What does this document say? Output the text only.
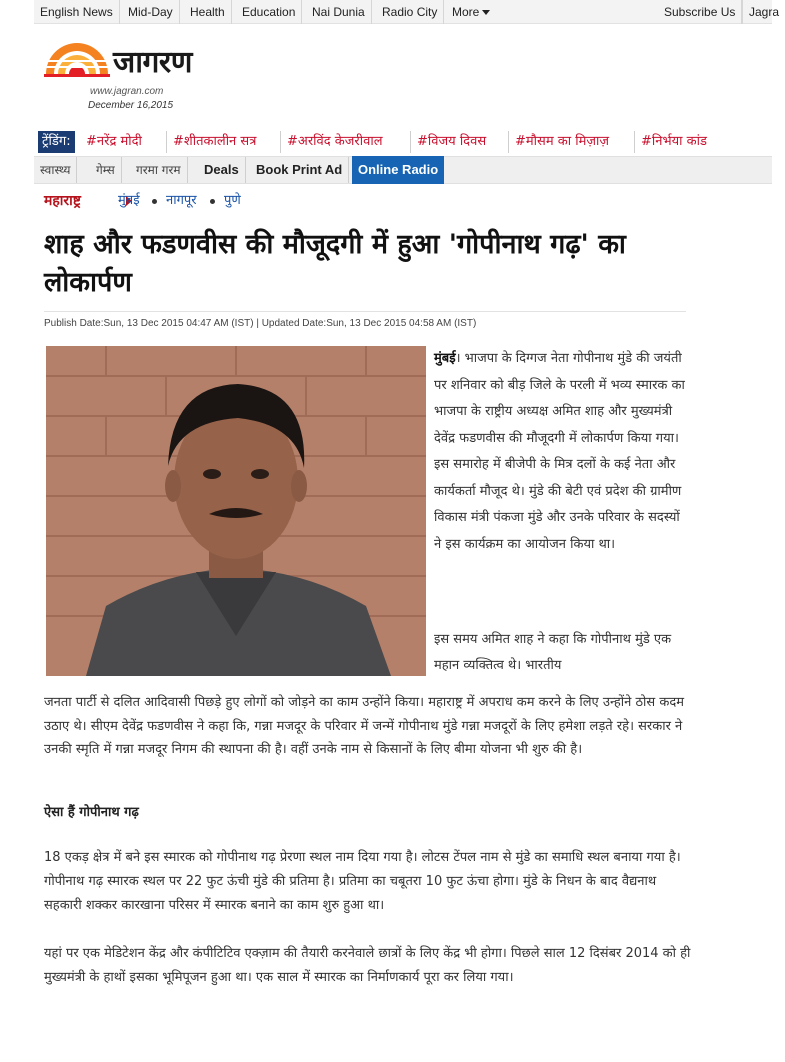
English News	Mid-Day	Health	Education	Nai Dunia	Radio City	More	Subscribe Us	Jagra
जागरण
www.jagran.com
December 16,2015
ट्रेंडिंग:	#नरेंद्र मोदी	#शीतकालीन सत्र	#अरविंद केजरीवाल	#विजय दिवस	#मौसम का मिज़ाज़	#निर्भया कांड
स्वास्थ्य	गेम्स	गरमा गरम	Deals	Book Print Ad	Online Radio
महाराष्ट्र	मुंबई नागपूर पुणे
शाह और फडणवीस की मौजूदगी में हुआ 'गोपीनाथ गढ़' का लोकार्पण
Publish Date:Sun, 13 Dec 2015 04:47 AM (IST) | Updated Date:Sun, 13 Dec 2015 04:58 AM (IST)

मुंबई। भाजपा के दिग्गज नेता गोपीनाथ मुंडे की जयंती पर शनिवार को बीड़ जिले के परली में भव्य स्मारक का भाजपा के राष्ट्रीय अध्यक्ष अमित शाह और मुख्यमंत्री देवेंद्र फडणवीस की मौजूदगी में लोकार्पण किया गया। इस समारोह में बीजेपी के मित्र दलों के कई नेता और कार्यकर्ता मौजूद थे। मुंडे की बेटी एवं प्रदेश की ग्रामीण विकास मंत्री पंकजा मुंडे और उनके परिवार के सदस्यों ने इस कार्यक्रम का आयोजन किया था।

इस समय अमित शाह ने कहा कि गोपीनाथ मुंडे एक महान व्यक्तित्व थे। भारतीय

जनता पार्टी से दलित आदिवासी पिछड़े हुए लोगों को जोड़ने का काम उन्होंने किया। महाराष्ट्र में अपराध कम करने के लिए उन्होंने ठोस कदम उठाए थे। सीएम देवेंद्र फडणवीस ने कहा कि, गन्ना मजदूर के परिवार में जन्में गोपीनाथ मुंडे गन्ना मजदूरों के लिए हमेशा लड़ते रहे। सरकार ने उनकी स्मृति में गन्ना मजदूर निगम की स्थापना की है। वहीं उनके नाम से किसानों के लिए बीमा योजना भी शुरु की है।

ऐसा हैं गोपीनाथ गढ़

18 एकड़ क्षेत्र में बने इस स्मारक को गोपीनाथ गढ़ प्रेरणा स्थल नाम दिया गया है। लोटस टेंपल नाम से मुंडे का समाधि स्थल बनाया गया है। गोपीनाथ गढ़ स्मारक स्थल पर 22 फुट ऊंची मुंडे की प्रतिमा है। प्रतिमा का चबूतरा 10 फुट ऊंचा होगा। मुंडे के निधन के बाद वैद्यनाथ सहकारी शक्कर कारखाना परिसर में स्मारक बनाने का काम शुरु हुआ था।

यहां पर एक मेडिटेशन केंद्र और कंपीटिटिव एक्ज़ाम की तैयारी करनेवाले छात्रों के लिए केंद्र भी होगा। पिछले साल 12 दिसंबर 2014 को ही मुख्यमंत्री के हाथों इसका भूमिपूजन हुआ था। एक साल में स्मारक का निर्माणकार्य पूरा कर लिया गया।
